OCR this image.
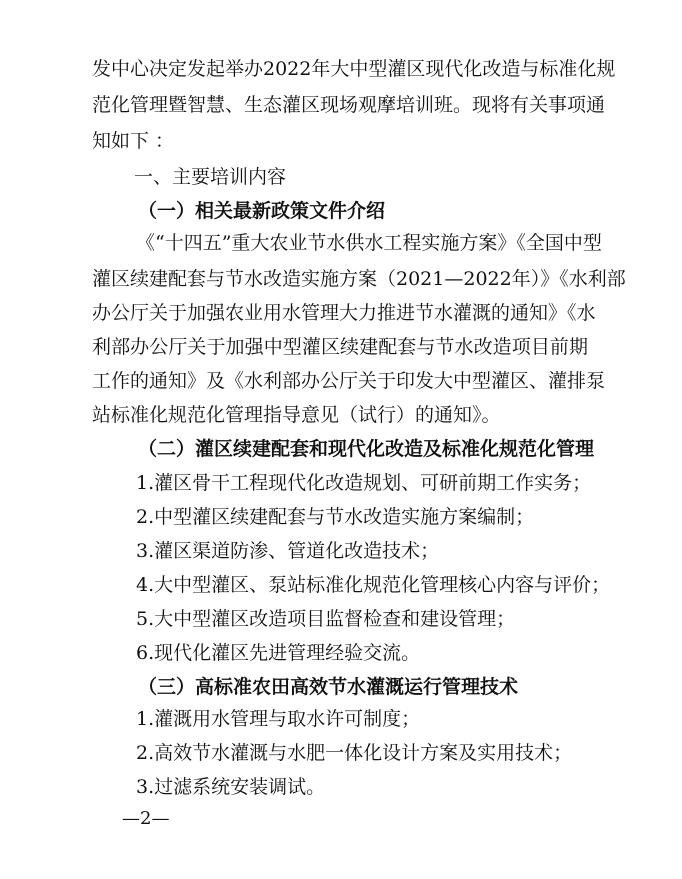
发中心决定发起举办2022年大中型灌区现代化改造与标准化规
范化管理暨智慧、生态灌区现场观摩培训班。现将有关事项通
知如下 ：
一、主要培训内容
（一）相关最新政策文件介绍
《“十四五”重大农业节水供水工程实施方案》《全国中型
灌区续建配套与节水改造实施方案（2021—2022年）》《水利部
办公厅关于加强农业用水管理大力推进节水灌溉的通知》《水
利部办公厅关于加强中型灌区续建配套与节水改造项目前期
工作的通知》及《水利部办公厅关于印发大中型灌区、灌排泵
站标准化规范化管理指导意见（试行）的通知》。
（二）灌区续建配套和现代化改造及标准化规范化管理
1.灌区骨干工程现代化改造规划、可研前期工作实务；
2.中型灌区续建配套与节水改造实施方案编制；
3.灌区渠道防渗、管道化改造技术；
4.大中型灌区、泵站标准化规范化管理核心内容与评价；
5.大中型灌区改造项目监督检查和建设管理；
6.现代化灌区先进管理经验交流。
（三）高标准农田高效节水灌溉运行管理技术
1.灌溉用水管理与取水许可制度；
2.高效节水灌溉与水肥一体化设计方案及实用技术；
3.过滤系统安装调试。
—2—
